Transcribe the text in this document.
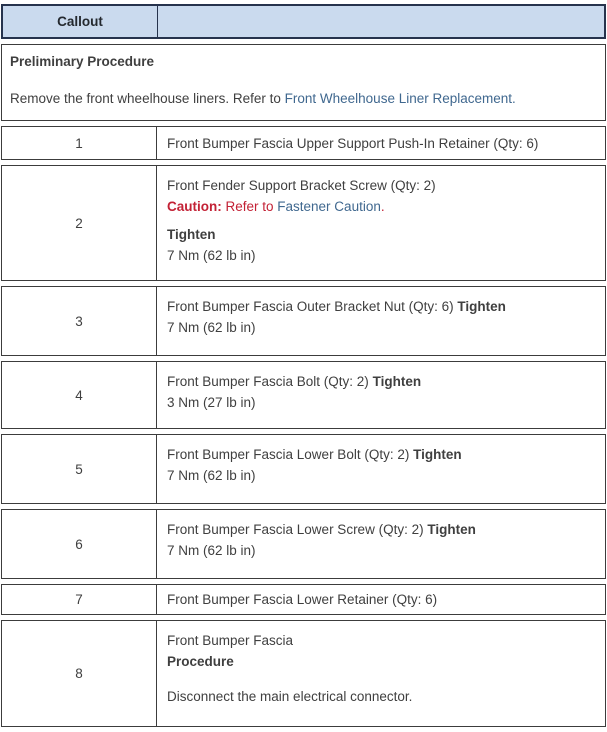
Callout
Preliminary Procedure
Remove the front wheelhouse liners. Refer to Front Wheelhouse Liner Replacement.
1	Front Bumper Fascia Upper Support Push-In Retainer (Qty: 6)
2
Front Fender Support Bracket Screw (Qty: 2)
Caution: Refer to Fastener Caution.
Tighten
7 Nm (62 lb in)
3
Front Bumper Fascia Outer Bracket Nut (Qty: 6) Tighten
7 Nm (62 lb in)
4
Front Bumper Fascia Bolt (Qty: 2) Tighten
3 Nm (27 lb in)
5
Front Bumper Fascia Lower Bolt (Qty: 2) Tighten
7 Nm (62 lb in)
6
Front Bumper Fascia Lower Screw (Qty: 2) Tighten
7 Nm (62 lb in)
7	Front Bumper Fascia Lower Retainer (Qty: 6)
8
Front Bumper Fascia
Procedure
Disconnect the main electrical connector.
